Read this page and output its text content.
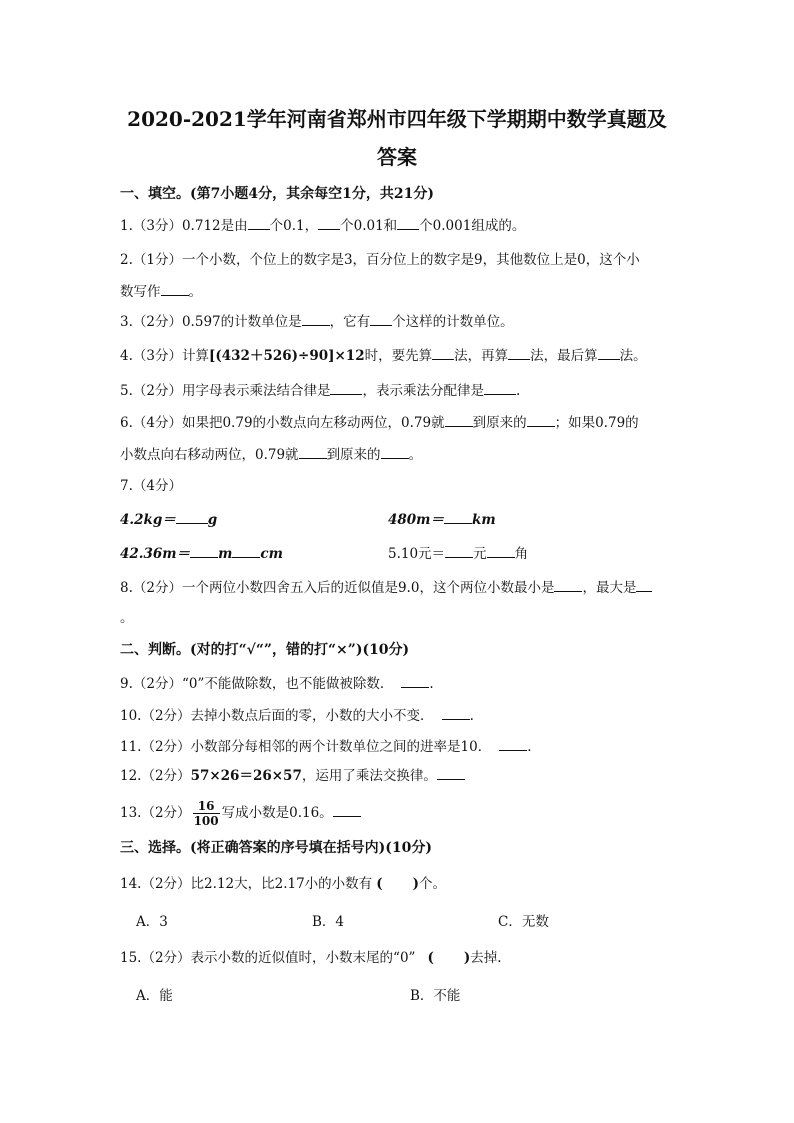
2020-2021学年河南省郑州市四年级下学期期中数学真题及
答案
一、填空。(第7小题4分，其余每空1分，共21分)
1.（3分）0.712是由 个0.1， 个0.01和 个0.001组成的。
2.（1分）一个小数，个位上的数字是3，百分位上的数字是9，其他数位上是0，这个小
数写作 。
3.（2分）0.597的计数单位是 ，它有 个这样的计数单位。
4.（3分）计算[(432＋526)÷90]×12时，要先算 法，再算 法，最后算 法。
5.（2分）用字母表示乘法结合律是 ，表示乘法分配律是 .
6.（4分）如果把0.79的小数点向左移动两位，0.79就 到原来的 ；如果0.79的
小数点向右移动两位，0.79就 到原来的 。
7.（4分）
4.2kg＝ g	480m＝ km
42.36m＝ m cm	5.10元＝ 元 角
8.（2分）一个两位小数四舍五入后的近似值是9.0，这个两位小数最小是 ，最大是
。
二、判断。(对的打“√“”，错的打“×”)(10分)
9.（2分）“0”不能做除数，也不能做被除数．	.
10.（2分）去掉小数点后面的零，小数的大小不变．	.
11.（2分）小数部分每相邻的两个计数单位之间的进率是10．	.
12.（2分）57×26＝26×57，运用了乘法交换律。
13.（2分） $\frac{16}{100}$ 写成小数是0.16。
三、选择。(将正确答案的序号填在括号内)(10分)
14.（2分）比2.12大，比2.17小的小数有 ( )个。
A．3	B．4	C．无数
15.（2分）表示小数的近似值时，小数末尾的“0” ( )去掉.
A．能	B．不能
